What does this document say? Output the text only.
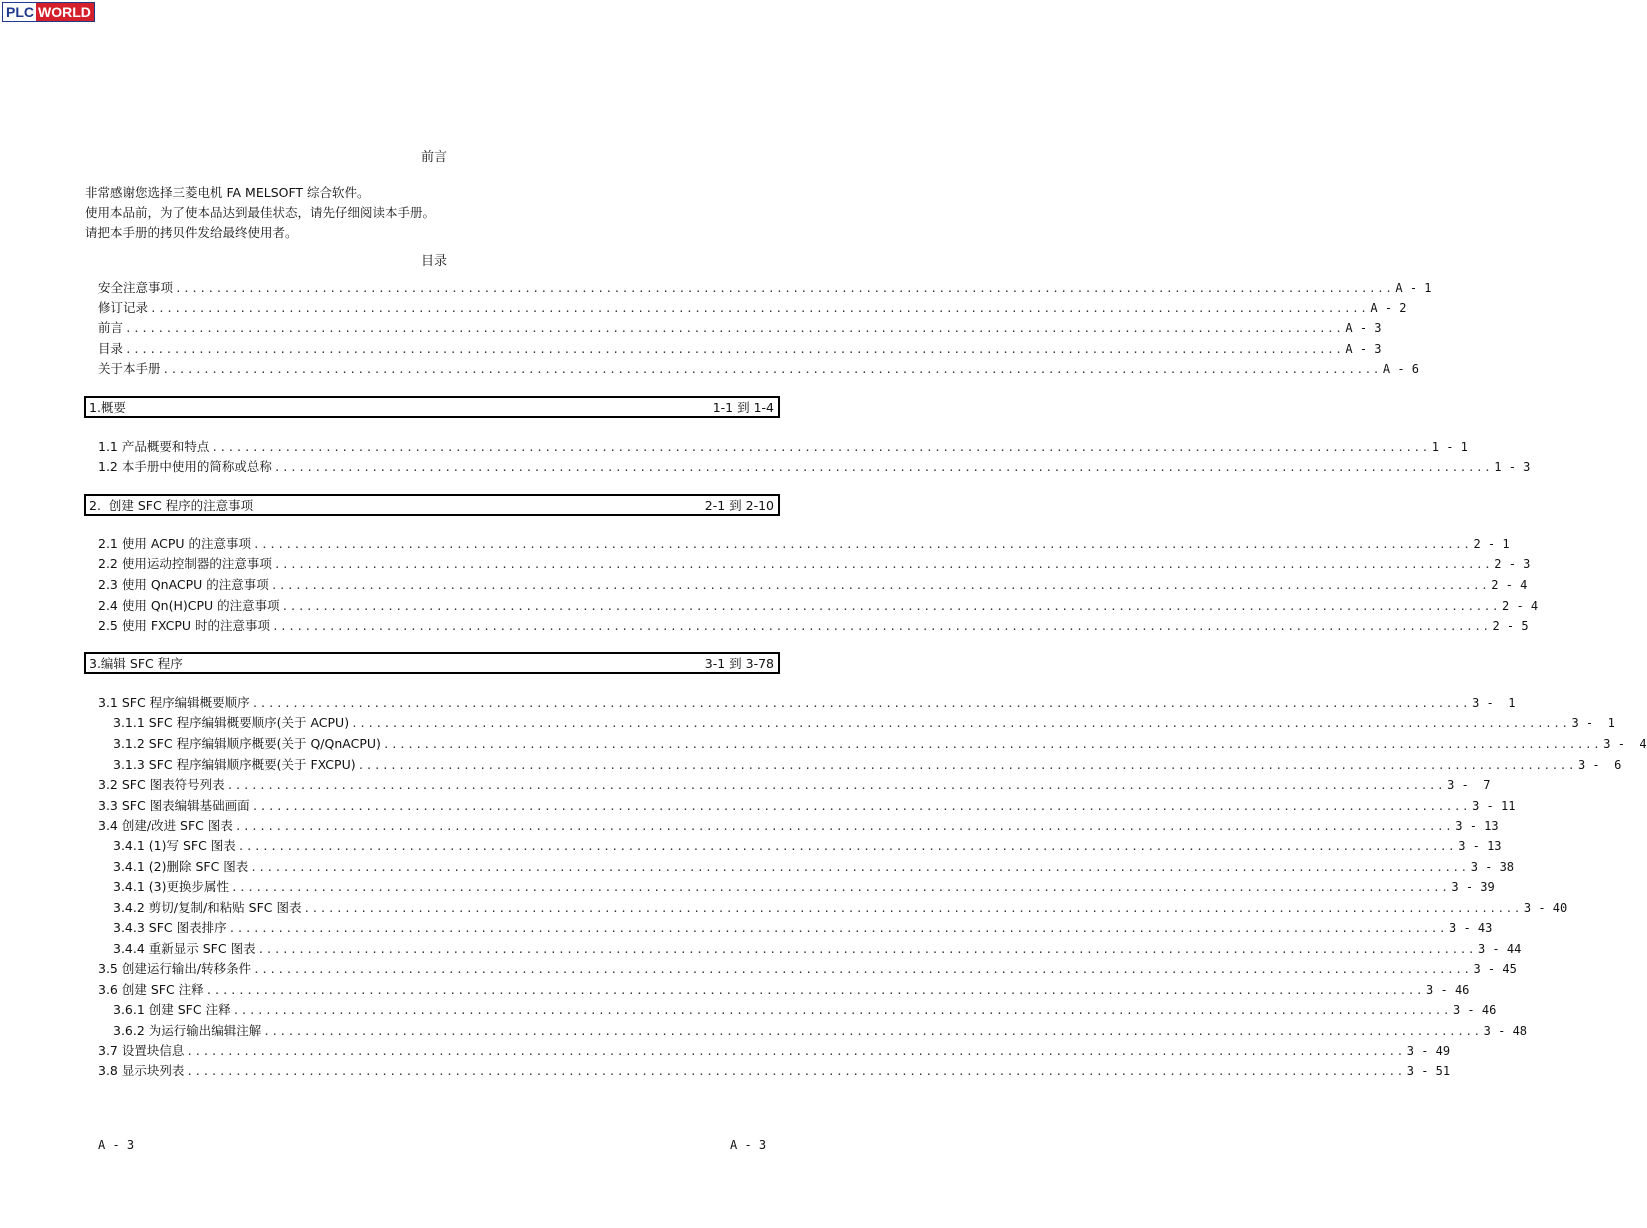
PLC WORLD
前言
非常感谢您选择三菱电机 FA MELSOFT 综合软件。
使用本品前，为了使本品达到最佳状态，请先仔细阅读本手册。
请把本手册的拷贝件发给最终使用者。
目录
安全注意事项 ...................................................................................................................................................... A - 1
修订记录 ...................................................................................................................................................... A - 2
前言 ...................................................................................................................................................... A - 3
目录 ...................................................................................................................................................... A - 3
关于本手册 ...................................................................................................................................................... A - 6
1.概要	1-1 到 1-4
1.1 产品概要和特点 ...................................................................................................................................................... 1 - 1
1.2 本手册中使用的简称或总称 ...................................................................................................................................................... 1 - 3
2.  创建 SFC 程序的注意事项	2-1 到 2-10
2.1 使用 ACPU 的注意事项 ...................................................................................................................................................... 2 - 1
2.2 使用运动控制器的注意事项 ...................................................................................................................................................... 2 - 3
2.3 使用 QnACPU 的注意事项 ...................................................................................................................................................... 2 - 4
2.4 使用 Qn(H)CPU 的注意事项 ...................................................................................................................................................... 2 - 4
2.5 使用 FXCPU 时的注意事项 ...................................................................................................................................................... 2 - 5
3.编辑 SFC 程序	3-1 到 3-78
3.1 SFC 程序编辑概要顺序 ...................................................................................................................................................... 3 -  1
3.1.1 SFC 程序编辑概要顺序(关于 ACPU) ...................................................................................................................................................... 3 -  1
3.1.2 SFC 程序编辑顺序概要(关于 Q/QnACPU) ...................................................................................................................................................... 3 -  4
3.1.3 SFC 程序编辑顺序概要(关于 FXCPU) ...................................................................................................................................................... 3 -  6
3.2 SFC 图表符号列表 ...................................................................................................................................................... 3 -  7
3.3 SFC 图表编辑基础画面 ...................................................................................................................................................... 3 - 11
3.4 创建/改进 SFC 图表 ...................................................................................................................................................... 3 - 13
3.4.1 (1)写 SFC 图表 ...................................................................................................................................................... 3 - 13
3.4.1 (2)删除 SFC 图表 ...................................................................................................................................................... 3 - 38
3.4.1 (3)更换步属性 ...................................................................................................................................................... 3 - 39
3.4.2 剪切/复制/和粘贴 SFC 图表 ...................................................................................................................................................... 3 - 40
3.4.3 SFC 图表排序 ...................................................................................................................................................... 3 - 43
3.4.4 重新显示 SFC 图表 ...................................................................................................................................................... 3 - 44
3.5 创建运行输出/转移条件 ...................................................................................................................................................... 3 - 45
3.6 创建 SFC 注释 ...................................................................................................................................................... 3 - 46
3.6.1 创建 SFC 注释 ...................................................................................................................................................... 3 - 46
3.6.2 为运行输出编辑注解 ...................................................................................................................................................... 3 - 48
3.7 设置块信息 ...................................................................................................................................................... 3 - 49
3.8 显示块列表 ...................................................................................................................................................... 3 - 51
A - 3	A - 3
